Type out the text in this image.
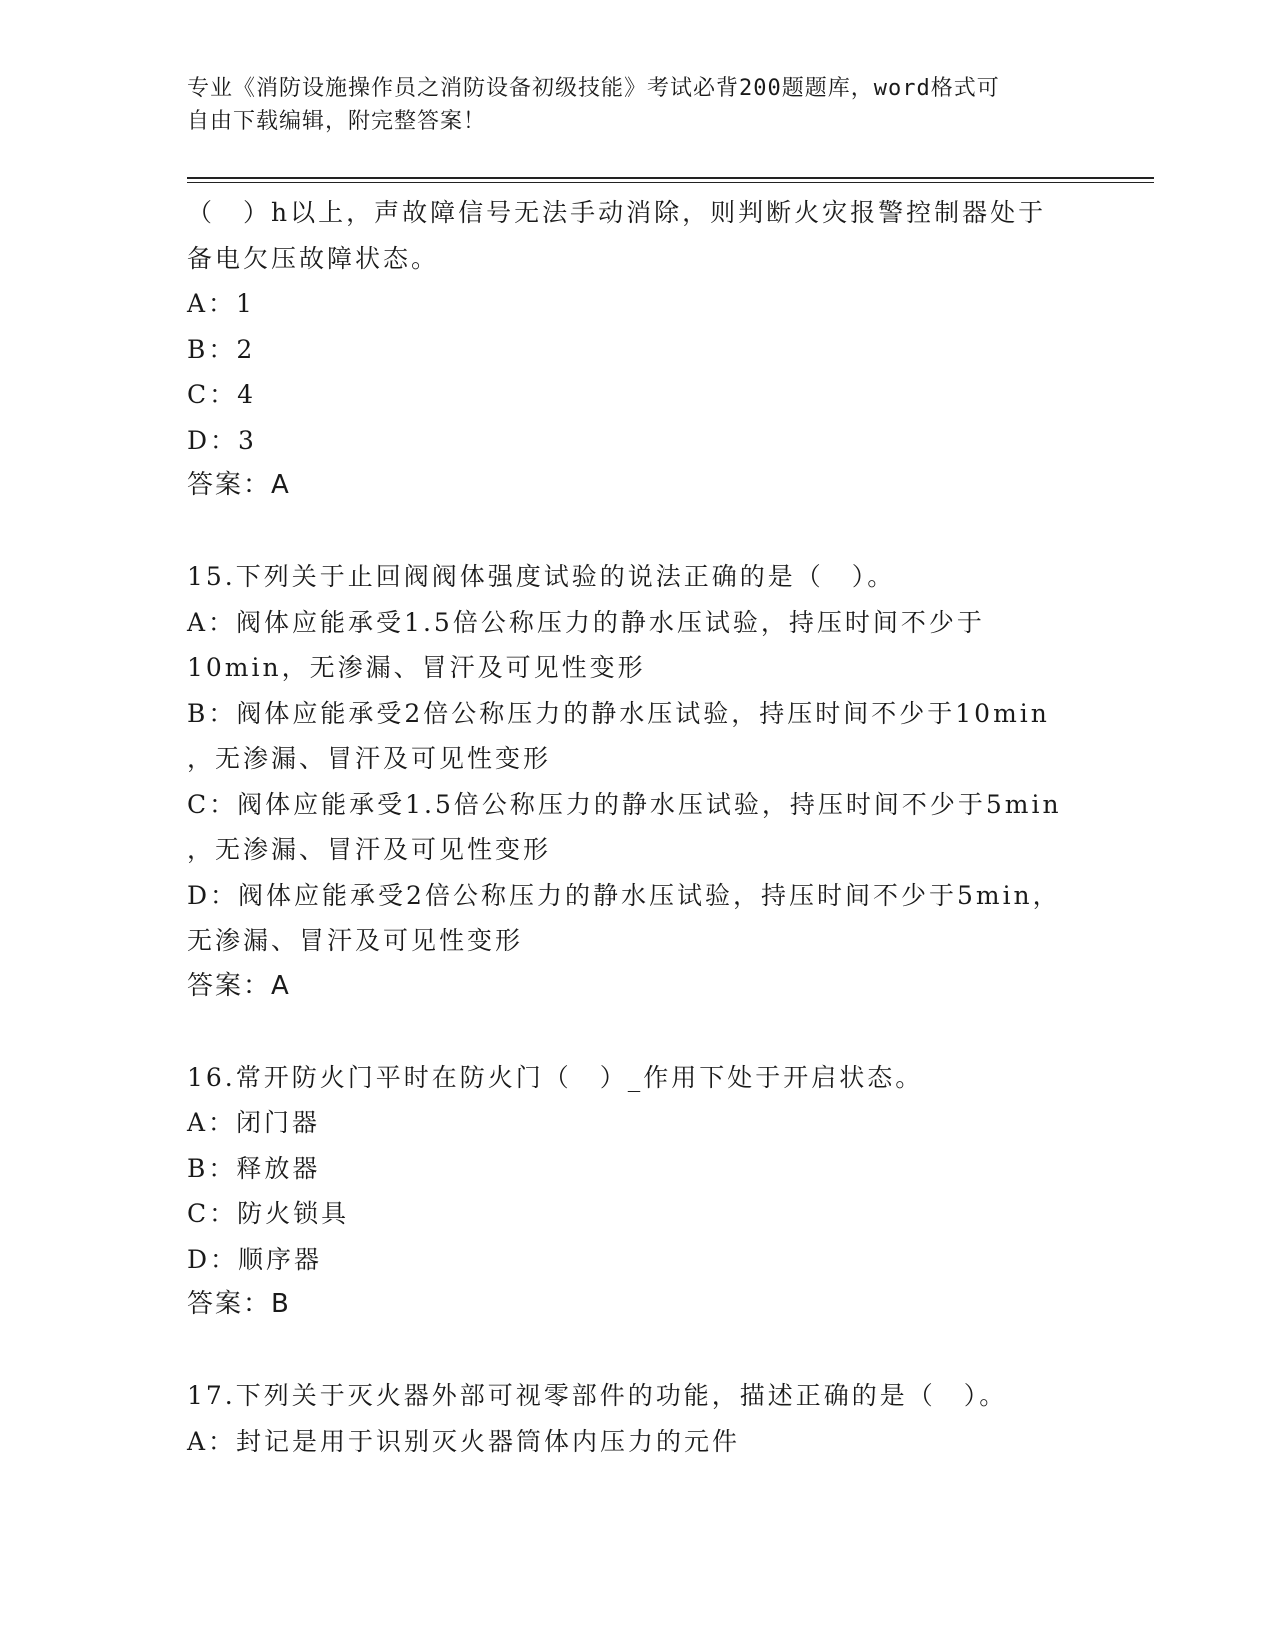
专业《消防设施操作员之消防设备初级技能》考试必背200题题库，word格式可
自由下载编辑，附完整答案！
（　）h以上，声故障信号无法手动消除，则判断火灾报警控制器处于
备电欠压故障状态。
A：1
B：2
C：4
D：3
答案：A
15.下列关于止回阀阀体强度试验的说法正确的是（　）。
A：阀体应能承受1.5倍公称压力的静水压试验，持压时间不少于
10min，无渗漏、冒汗及可见性变形
B：阀体应能承受2倍公称压力的静水压试验，持压时间不少于10min
，无渗漏、冒汗及可见性变形
C：阀体应能承受1.5倍公称压力的静水压试验，持压时间不少于5min
，无渗漏、冒汗及可见性变形
D：阀体应能承受2倍公称压力的静水压试验，持压时间不少于5min，
无渗漏、冒汗及可见性变形
答案：A
16.常开防火门平时在防火门（　）_作用下处于开启状态。
A：闭门器
B：释放器
C：防火锁具
D：顺序器
答案：B
17.下列关于灭火器外部可视零部件的功能，描述正确的是（　）。
A：封记是用于识别灭火器筒体内压力的元件
